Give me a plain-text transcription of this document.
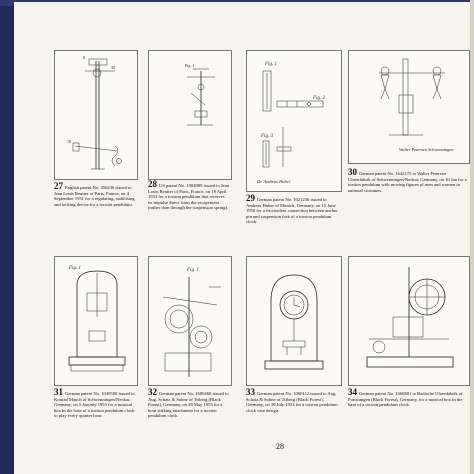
8
30
18
27 English patent No. 356236 issued to Jean Louis Reutter of Paris, France, on 4 September 1931 for a regulating, stabilising and locking device for a torsion pendulum.
Fig. 1
28 US patent No. 1904089 issued to Jean Louis Reutter of Paris, France, on 18 April 1933 for a torsion pendulum that receives its impulse direct from the escapement (rather than through the suspension spring).
Fig. 1
Fig. 2
Fig. 3
Dr. Andreas Huber
29 German patent No. 1021236 issued to Andreas Huber of Munich, Germany, on 15 June 1950 for a frictionless connection between anchor pin and suspension fork of a torsion pendulum clock.
Walter Petersen Schwenningen
30 German patent No. 1642175 to Walter Petersen Uhrenfabrik of Schwenningen/Neckar, Germany, on 10 Jan for a torsion pendulum with moving figures of men and women in national costumes.
Fig. 1
31 German patent No. 1049500 issued to Konrad Mauch of Schwenningen/Neckar, Germany, on 5 January 1953 for a musical box in the base of a torsion pendulum clock to play every quarter hour.
Fig. 1
32 German patent No. 1686460 issued to Aug. Schatz & Sohne of Triberg (Black Forest), Germany, on 28 May 1953 for a hour striking attachment for a torsion pendulum clock.
33 German patent No. 1060112 issued to Aug. Schatz & Sohne of Triberg (Black Forest), Germany, on 30 July 1953 for a torsion pendulum clock case design.
34 German patent No. 1666801 to Badische Uhrenfabrik of Furtwangen (Black Forest), Germany, for a musical box in the base of a torsion pendulum clock.
28
